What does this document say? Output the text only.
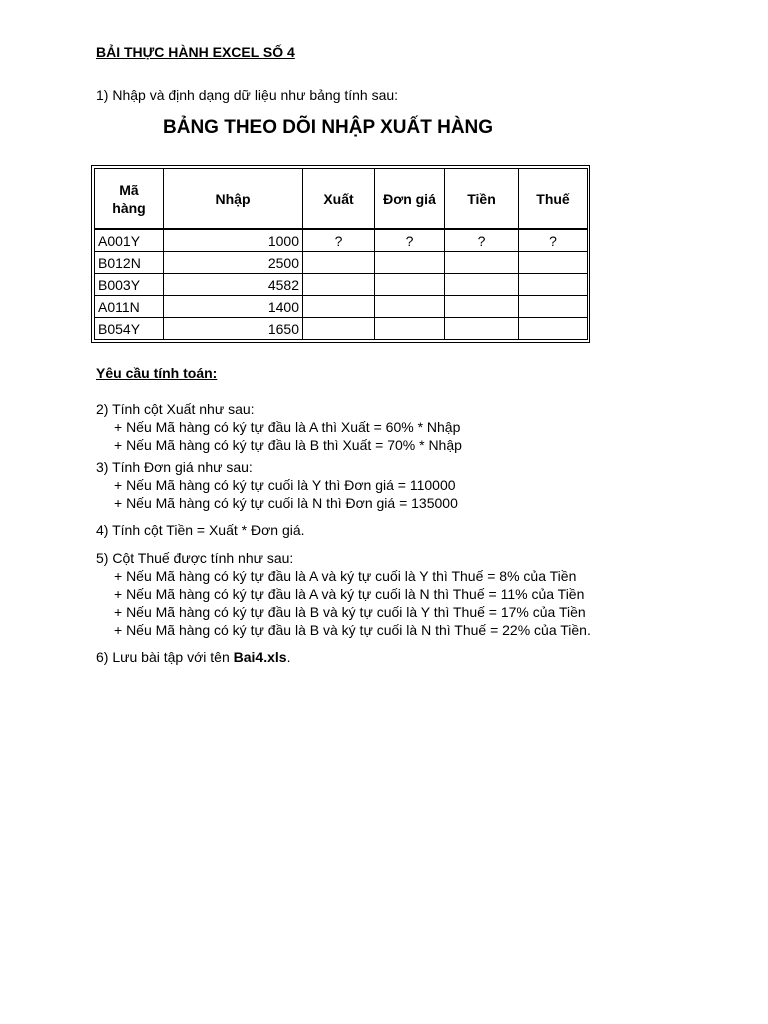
BẢI THỰC HÀNH EXCEL SỐ 4
1) Nhập và định dạng dữ liệu như bảng tính sau:
BẢNG THEO DÕI NHẬP XUẤT HÀNG
Mã
hàng	Nhập	Xuất	Đơn giá	Tiền	Thuế
A001Y	1000	?	?	?	?
B012N	2500				
B003Y	4582				
A011N	1400				
B054Y	1650				
Yêu cầu tính toán:
2) Tính cột Xuất như sau:
+ Nếu Mã hàng có ký tự đầu là A thì Xuất = 60% * Nhập
+ Nếu Mã hàng có ký tự đầu là B thì Xuất = 70% * Nhập
3) Tính Đơn giá như sau:
+ Nếu Mã hàng có ký tự cuối là Y thì Đơn giá = 110000
+ Nếu Mã hàng có ký tự cuối là N thì Đơn giá = 135000
4) Tính cột Tiền = Xuất * Đơn giá.
5) Cột Thuế được tính như sau:
+ Nếu Mã hàng có ký tự đầu là A và ký tự cuối là Y thì Thuế = 8% của Tiền
+ Nếu Mã hàng có ký tự đầu là A và ký tự cuối là N thì Thuế = 11% của Tiền
+ Nếu Mã hàng có ký tự đầu là B và ký tự cuối là Y thì Thuế = 17% của Tiền
+ Nếu Mã hàng có ký tự đầu là B và ký tự cuối là N thì Thuế = 22% của Tiền.
6) Lưu bài tập với tên Bai4.xls.
